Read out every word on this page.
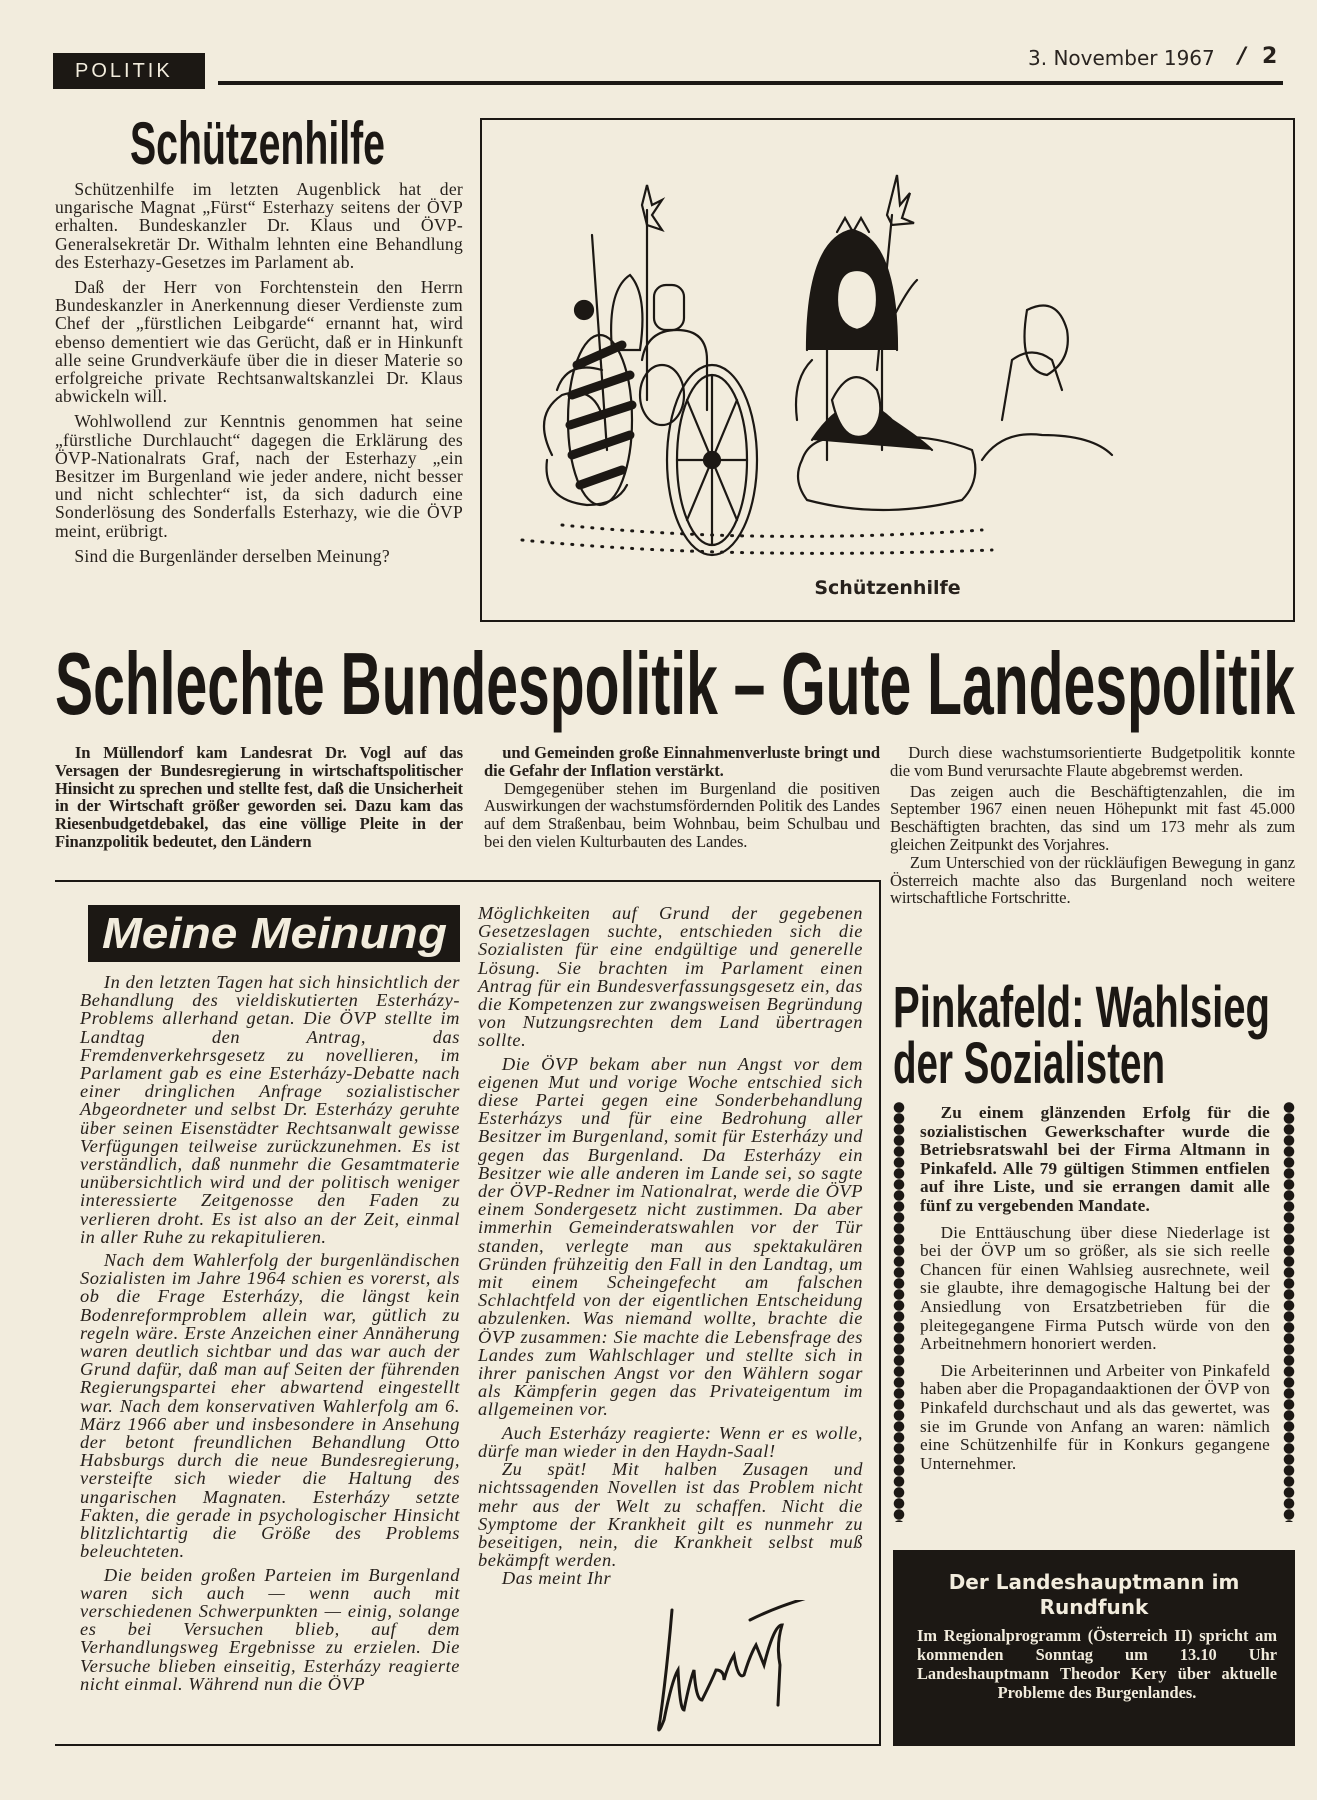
POLITIK
3. November 1967 / 2
Schützenhilfe

Schützenhilfe im letzten Augenblick hat der ungarische Magnat „Fürst“ Esterhazy seitens der ÖVP erhalten. Bundeskanzler Dr. Klaus und ÖVP-Generalsekretär Dr. Withalm lehnten eine Behandlung des Esterhazy-Gesetzes im Parlament ab.

Daß der Herr von Forchtenstein den Herrn Bundeskanzler in Anerkennung dieser Verdienste zum Chef der „fürstlichen Leibgarde“ ernannt hat, wird ebenso dementiert wie das Gerücht, daß er in Hinkunft alle seine Grundverkäufe über die in dieser Materie so erfolgreiche private Rechtsanwaltskanzlei Dr. Klaus abwickeln will.

Wohlwollend zur Kenntnis genommen hat seine „fürstliche Durchlaucht“ dagegen die Erklärung des ÖVP-Nationalrats Graf, nach der Esterhazy „ein Besitzer im Burgenland wie jeder andere, nicht besser und nicht schlechter“ ist, da sich dadurch eine Sonderlösung des Sonderfalls Esterhazy, wie die ÖVP meint, erübrigt.

Sind die Burgenländer derselben Meinung?

Schützenhilfe
Schlechte Bundespolitik – Gute Landespolitik

In Müllendorf kam Landesrat Dr. Vogl auf das Versagen der Bundesregierung in wirtschaftspolitischer Hinsicht zu sprechen und stellte fest, daß die Unsicherheit in der Wirtschaft größer geworden sei. Dazu kam das Riesenbudgetdebakel, das eine völlige Pleite in der Finanzpolitik bedeutet, den Ländern

und Gemeinden große Einnahmenverluste bringt und die Gefahr der Inflation verstärkt.

Demgegenüber stehen im Burgenland die positiven Auswirkungen der wachstumsfördernden Politik des Landes auf dem Straßenbau, beim Wohnbau, beim Schulbau und bei den vielen Kulturbauten des Landes.

Durch diese wachstumsorientierte Budgetpolitik konnte die vom Bund verursachte Flaute abgebremst werden.

Das zeigen auch die Beschäftigtenzahlen, die im September 1967 einen neuen Höhepunkt mit fast 45.000 Beschäftigten brachten, das sind um 173 mehr als zum gleichen Zeitpunkt des Vorjahres.

Zum Unterschied von der rückläufigen Bewegung in ganz Österreich machte also das Burgenland noch weitere wirtschaftliche Fortschritte.

Meine Meinung

In den letzten Tagen hat sich hinsichtlich der Behandlung des vieldiskutierten Esterházy-Problems allerhand getan. Die ÖVP stellte im Landtag den Antrag, das Fremdenverkehrsgesetz zu novellieren, im Parlament gab es eine Esterházy-Debatte nach einer dringlichen Anfrage sozialistischer Abgeordneter und selbst Dr. Esterházy geruhte über seinen Eisenstädter Rechtsanwalt gewisse Verfügungen teilweise zurückzunehmen. Es ist verständlich, daß nunmehr die Gesamtmaterie unübersichtlich wird und der politisch weniger interessierte Zeitgenosse den Faden zu verlieren droht. Es ist also an der Zeit, einmal in aller Ruhe zu rekapitulieren.

Nach dem Wahlerfolg der burgenländischen Sozialisten im Jahre 1964 schien es vorerst, als ob die Frage Esterházy, die längst kein Bodenreformproblem allein war, gütlich zu regeln wäre. Erste Anzeichen einer Annäherung waren deutlich sichtbar und das war auch der Grund dafür, daß man auf Seiten der führenden Regierungspartei eher abwartend eingestellt war. Nach dem konservativen Wahlerfolg am 6. März 1966 aber und insbesondere in Ansehung der betont freundlichen Behandlung Otto Habsburgs durch die neue Bundesregierung, versteifte sich wieder die Haltung des ungarischen Magnaten. Esterházy setzte Fakten, die gerade in psychologischer Hinsicht blitzlichtartig die Größe des Problems beleuchteten.

Die beiden großen Parteien im Burgenland waren sich auch — wenn auch mit verschiedenen Schwerpunkten — einig, solange es bei Versuchen blieb, auf dem Verhandlungsweg Ergebnisse zu erzielen. Die Versuche blieben einseitig, Esterházy reagierte nicht einmal. Während nun die ÖVP

Möglichkeiten auf Grund der gegebenen Gesetzeslagen suchte, entschieden sich die Sozialisten für eine endgültige und generelle Lösung. Sie brachten im Parlament einen Antrag für ein Bundesverfassungsgesetz ein, das die Kompetenzen zur zwangsweisen Begründung von Nutzungsrechten dem Land übertragen sollte.

Die ÖVP bekam aber nun Angst vor dem eigenen Mut und vorige Woche entschied sich diese Partei gegen eine Sonderbehandlung Esterházys und für eine Bedrohung aller Besitzer im Burgenland, somit für Esterházy und gegen das Burgenland. Da Esterházy ein Besitzer wie alle anderen im Lande sei, so sagte der ÖVP-Redner im Nationalrat, werde die ÖVP einem Sondergesetz nicht zustimmen. Da aber immerhin Gemeinderatswahlen vor der Tür standen, verlegte man aus spektakulären Gründen frühzeitig den Fall in den Landtag, um mit einem Scheingefecht am falschen Schlachtfeld von der eigentlichen Entscheidung abzulenken. Was niemand wollte, brachte die ÖVP zusammen: Sie machte die Lebensfrage des Landes zum Wahlschlager und stellte sich in ihrer panischen Angst vor den Wählern sogar als Kämpferin gegen das Privateigentum im allgemeinen vor.

Auch Esterházy reagierte: Wenn er es wolle, dürfe man wieder in den Haydn-Saal!

Zu spät! Mit halben Zusagen und nichtssagenden Novellen ist das Problem nicht mehr aus der Welt zu schaffen. Nicht die Symptome der Krankheit gilt es nunmehr zu beseitigen, nein, die Krankheit selbst muß bekämpft werden.

Das meint Ihr

Pinkafeld: Wahlsieg
der Sozialisten

Zu einem glänzenden Erfolg für die sozialistischen Gewerkschafter wurde die Betriebsratswahl bei der Firma Altmann in Pinkafeld. Alle 79 gültigen Stimmen entfielen auf ihre Liste, und sie errangen damit alle fünf zu vergebenden Mandate.

Die Enttäuschung über diese Niederlage ist bei der ÖVP um so größer, als sie sich reelle Chancen für einen Wahlsieg ausrechnete, weil sie glaubte, ihre demagogische Haltung bei der Ansiedlung von Ersatzbetrieben für die pleitegegangene Firma Putsch würde von den Arbeitnehmern honoriert werden.

Die Arbeiterinnen und Arbeiter von Pinkafeld haben aber die Propagandaaktionen der ÖVP von Pinkafeld durchschaut und als das gewertet, was sie im Grunde von Anfang an waren: nämlich eine Schützenhilfe für in Konkurs gegangene Unternehmer.

Der Landeshauptmann im
Rundfunk
Im Regionalprogramm (Österreich II) spricht am kommenden Sonntag um 13.10 Uhr Landeshauptmann Theodor Kery über aktuelle Probleme des Burgenlandes.
